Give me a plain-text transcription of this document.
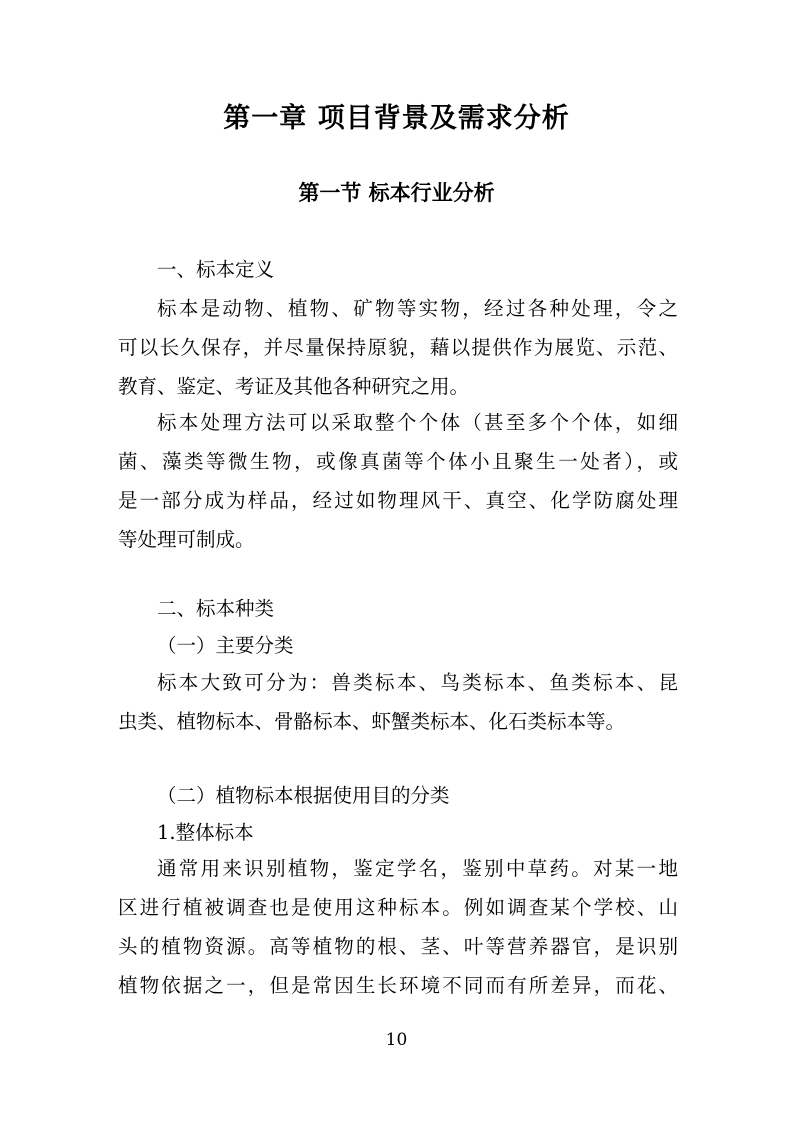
第一章 项目背景及需求分析
第一节 标本行业分析

一、标本定义

标本是动物、植物、矿物等实物，经过各种处理，令之
可以长久保存，并尽量保持原貌，藉以提供作为展览、示范、
教育、鉴定、考证及其他各种研究之用。
标本处理方法可以采取整个个体（甚至多个个体，如细
菌、藻类等微生物，或像真菌等个体小且聚生一处者），或
是一部分成为样品，经过如物理风干、真空、化学防腐处理
等处理可制成。

二、标本种类

（一）主要分类

标本大致可分为：兽类标本、鸟类标本、鱼类标本、昆
虫类、植物标本、骨骼标本、虾蟹类标本、化石类标本等。

（二）植物标本根据使用目的分类

1.整体标本

通常用来识别植物，鉴定学名，鉴别中草药。对某一地
区进行植被调查也是使用这种标本。例如调查某个学校、山
头的植物资源。高等植物的根、茎、叶等营养器官，是识别
植物依据之一，但是常因生长环境不同而有所差异，而花、

10
